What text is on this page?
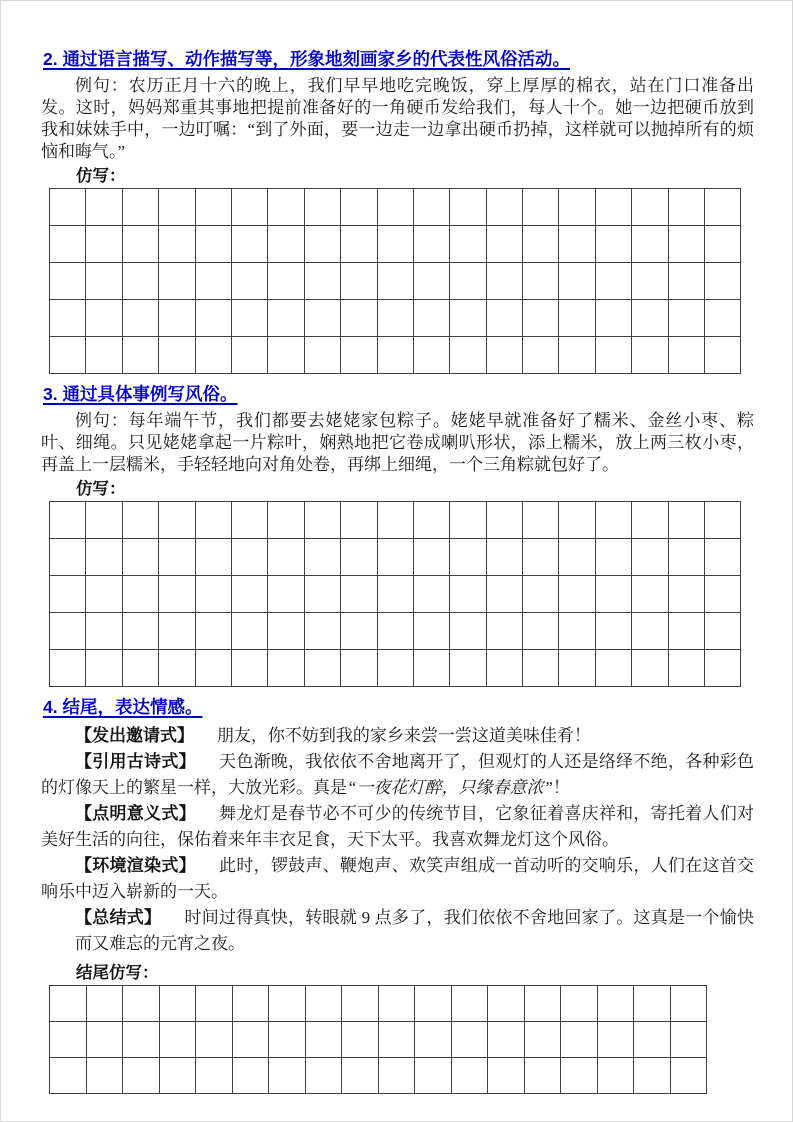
2. 通过语言描写、动作描写等，形象地刻画家乡的代表性风俗活动。

例句：农历正月十六的晚上，我们早早地吃完晚饭，穿上厚厚的棉衣，站在门口准备出发。这时，妈妈郑重其事地把提前准备好的一角硬币发给我们，每人十个。她一边把硬币放到我和妹妹手中，一边叮嘱：“到了外面，要一边走一边拿出硬币扔掉，这样就可以抛掉所有的烦恼和晦气。”

仿写：

3. 通过具体事例写风俗。

例句：每年端午节，我们都要去姥姥家包粽子。姥姥早就准备好了糯米、金丝小枣、粽叶、细绳。只见姥姥拿起一片粽叶，娴熟地把它卷成喇叭形状，添上糯米，放上两三枚小枣，再盖上一层糯米，手轻轻地向对角处卷，再绑上细绳，一个三角粽就包好了。

仿写：

4. 结尾，表达情感。

【发出邀请式】 朋友，你不妨到我的家乡来尝一尝这道美味佳肴！

【引用古诗式】 天色渐晚，我依依不舍地离开了，但观灯的人还是络绎不绝，各种彩色的灯像天上的繁星一样，大放光彩。真是“一夜花灯醉，只缘春意浓”！

【点明意义式】 舞龙灯是春节必不可少的传统节目，它象征着喜庆祥和，寄托着人们对美好生活的向往，保佑着来年丰衣足食，天下太平。我喜欢舞龙灯这个风俗。

【环境渲染式】 此时，锣鼓声、鞭炮声、欢笑声组成一首动听的交响乐，人们在这首交响乐中迈入崭新的一天。

【总结式】 时间过得真快，转眼就 9 点多了，我们依依不舍地回家了。这真是一个愉快而又难忘的元宵之夜。

结尾仿写：
